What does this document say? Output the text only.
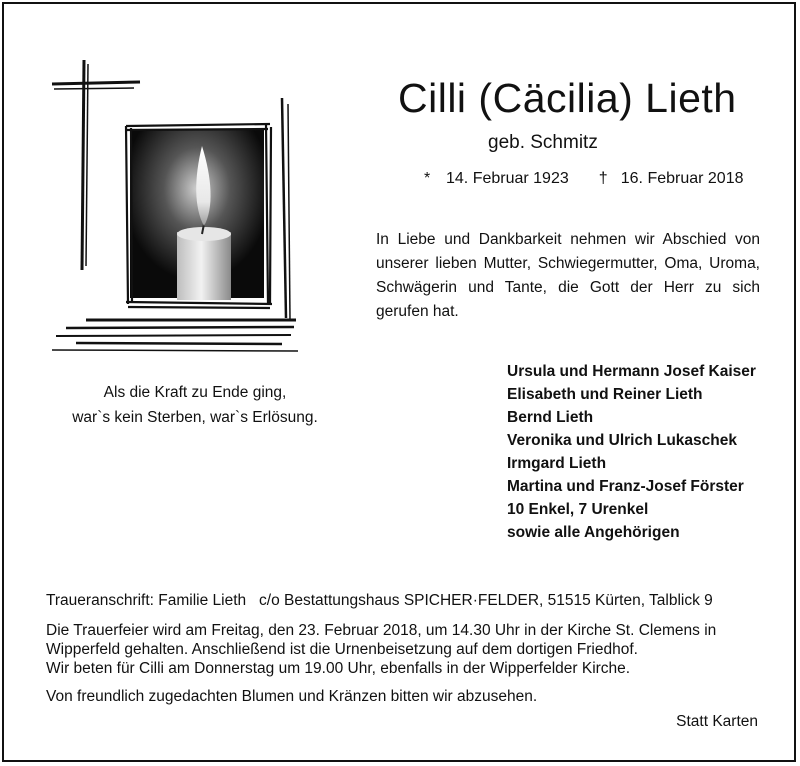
Cilli (Cäcilia) Lieth
geb. Schmitz
* 14. Februar 1923 † 16. Februar 2018
In Liebe und Dankbarkeit nehmen wir Abschied von unserer lieben Mutter, Schwiegermutter, Oma, Uroma, Schwägerin und Tante, die Gott der Herr zu sich gerufen hat.
Als die Kraft zu Ende ging,
war`s kein Sterben, war`s Erlösung.
Ursula und Hermann Josef Kaiser
Elisabeth und Reiner Lieth
Bernd Lieth
Veronika und Ulrich Lukaschek
Irmgard Lieth
Martina und Franz-Josef Förster
10 Enkel, 7 Urenkel
sowie alle Angehörigen

Traueranschrift: Familie Lieth   c/o Bestattungshaus SPICHER·FELDER, 51515 Kürten, Talblick 9

Die Trauerfeier wird am Freitag, den 23. Februar 2018, um 14.30 Uhr in der Kirche St. Clemens in Wipperfeld gehalten. Anschließend ist die Urnenbeisetzung auf dem dortigen Friedhof.

Wir beten für Cilli am Donnerstag um 19.00 Uhr, ebenfalls in der Wipperfelder Kirche.

Von freundlich zugedachten Blumen und Kränzen bitten wir abzusehen.

Statt Karten
